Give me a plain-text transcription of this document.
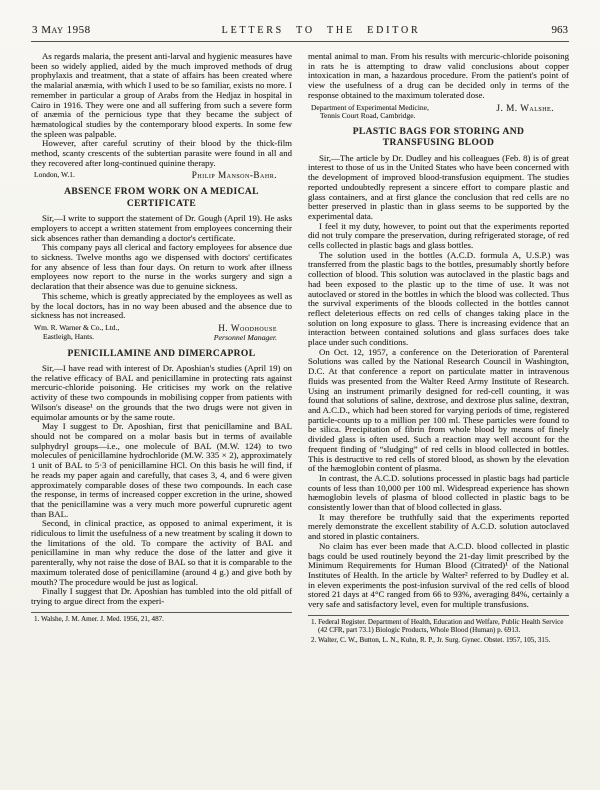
3 May 1958	LETTERS TO THE EDITOR	963

As regards malaria, the present anti-larval and hygienic measures have been so widely applied, aided by the much improved methods of drug prophylaxis and treatment, that a state of affairs has been created where the malarial anæmia, with which I used to be so familiar, exists no more. I remember in particular a group of Arabs from the Hedjaz in hospital in Cairo in 1916. They were one and all suffering from such a severe form of anæmia of the pernicious type that they became the subject of hæmatological studies by the contemporary blood experts. In some few the spleen was palpable.

However, after careful scrutiny of their blood by the thick-film method, scanty crescents of the subtertian parasite were found in all and they recovered after long-continued quinine therapy.

London, W.1.	Philip Manson-Bahr.
ABSENCE FROM WORK ON A MEDICAL
CERTIFICATE

Sir,—I write to support the statement of Dr. Gough (April 19). He asks employers to accept a written statement from employees concerning their sick absences rather than demanding a doctor's certificate.

This company pays all clerical and factory employees for absence due to sickness. Twelve months ago we dispensed with doctors' certificates for any absence of less than four days. On return to work after illness employees now report to the nurse in the works surgery and sign a declaration that their absence was due to genuine sickness.

This scheme, which is greatly appreciated by the employees as well as by the local doctors, has in no way been abused and the absence due to sickness has not increased.

Wm. R. Warner & Co., Ltd.,
Eastleigh, Hants.
H. Woodhouse
Personnel Manager.
PENICILLAMINE AND DIMERCAPROL

Sir,—I have read with interest of Dr. Aposhian's studies (April 19) on the relative efficacy of BAL and penicillamine in protecting rats against mercuric-chloride poisoning. He criticises my work on the relative activity of these two compounds in mobilising copper from patients with Wilson's disease¹ on the grounds that the two drugs were not given in equimolar amounts or by the same route.

May I suggest to Dr. Aposhian, first that penicillamine and BAL should not be compared on a molar basis but in terms of available sulphydryl groups—i.e., one molecule of BAL (M.W. 124) to two molecules of penicillamine hydrochloride (M.W. 335 × 2), approximately 1 unit of BAL to 5·3 of penicillamine HCl. On this basis he will find, if he reads my paper again and carefully, that cases 3, 4, and 6 were given approximately comparable doses of these two compounds. In each case the response, in terms of increased copper excretion in the urine, showed that the penicillamine was a very much more powerful cupruretic agent than BAL.

Second, in clinical practice, as opposed to animal experiment, it is ridiculous to limit the usefulness of a new treatment by scaling it down to the limitations of the old. To compare the activity of BAL and penicillamine in man why reduce the dose of the latter and give it parenterally, why not raise the dose of BAL so that it is comparable to the maximum tolerated dose of penicillamine (around 4 g.) and give both by mouth? The procedure would be just as logical.

Finally I suggest that Dr. Aposhian has tumbled into the old pitfall of trying to argue direct from the experi-

1. Walshe, J. M. Amer. J. Med. 1956, 21, 487.

mental animal to man. From his results with mercuric-chloride poisoning in rats he is attempting to draw valid conclusions about copper intoxication in man, a hazardous procedure. From the patient's point of view the usefulness of a drug can be decided only in terms of the response obtained to the maximum tolerated dose.

Department of Experimental Medicine,
Tennis Court Road, Cambridge.
J. M. Walshe.
PLASTIC BAGS FOR STORING AND
TRANSFUSING BLOOD

Sir,—The article by Dr. Dudley and his colleagues (Feb. 8) is of great interest to those of us in the United States who have been concerned with the development of improved blood-transfusion equipment. The studies reported undoubtedly represent a sincere effort to compare plastic and glass containers, and at first glance the conclusion that red cells are no better preserved in plastic than in glass seems to be supported by the experimental data.

I feel it my duty, however, to point out that the experiments reported did not truly compare the preservation, during refrigerated storage, of red cells collected in plastic bags and glass bottles.

The solution used in the bottles (A.C.D. formula A, U.S.P.) was transferred from the plastic bags to the bottles, presumably shortly before collection of blood. This solution was autoclaved in the plastic bags and had been exposed to the plastic up to the time of use. It was not autoclaved or stored in the bottles in which the blood was collected. Thus the survival experiments of the bloods collected in the bottles cannot reflect deleterious effects on red cells of changes taking place in the solution on long exposure to glass. There is increasing evidence that an interaction between contained solutions and glass surfaces does take place under such conditions.

On Oct. 12, 1957, a conference on the Deterioration of Parenteral Solutions was called by the National Research Council in Washington, D.C. At that conference a report on particulate matter in intravenous fluids was presented from the Walter Reed Army Institute of Research. Using an instrument primarily designed for red-cell counting, it was found that solutions of saline, dextrose, and dextrose plus saline, dextran, and A.C.D., which had been stored for varying periods of time, registered particle-counts up to a million per 100 ml. These particles were found to be silica. Precipitation of fibrin from whole blood by means of finely divided glass is often used. Such a reaction may well account for the frequent finding of “sludging” of red cells in blood collected in bottles. This is destructive to red cells of stored blood, as shown by the elevation of the hæmoglobin content of plasma.

In contrast, the A.C.D. solutions processed in plastic bags had particle counts of less than 10,000 per 100 ml. Widespread experience has shown hæmoglobin levels of plasma of blood collected in plastic bags to be consistently lower than that of blood collected in glass.

It may therefore be truthfully said that the experiments reported merely demonstrate the excellent stability of A.C.D. solution autoclaved and stored in plastic containers.

No claim has ever been made that A.C.D. blood collected in plastic bags could be used routinely beyond the 21-day limit prescribed by the Minimum Requirements for Human Blood (Citrated)¹ of the National Institutes of Health. In the article by Walter² referred to by Dudley et al. in eleven experiments the post-infusion survival of the red cells of blood stored 21 days at 4°C ranged from 66 to 93%, averaging 84%, certainly a very safe and satisfactory level, even for multiple transfusions.

1. Federal Register. Department of Health, Education and Welfare, Public Health Service (42 CFR, part 73.1) Biologic Products, Whole Blood (Human) p. 6913.
2. Walter, C. W., Button, L. N., Kuhn, R. P., Jr. Surg. Gynec. Obstet. 1957, 105, 315.
